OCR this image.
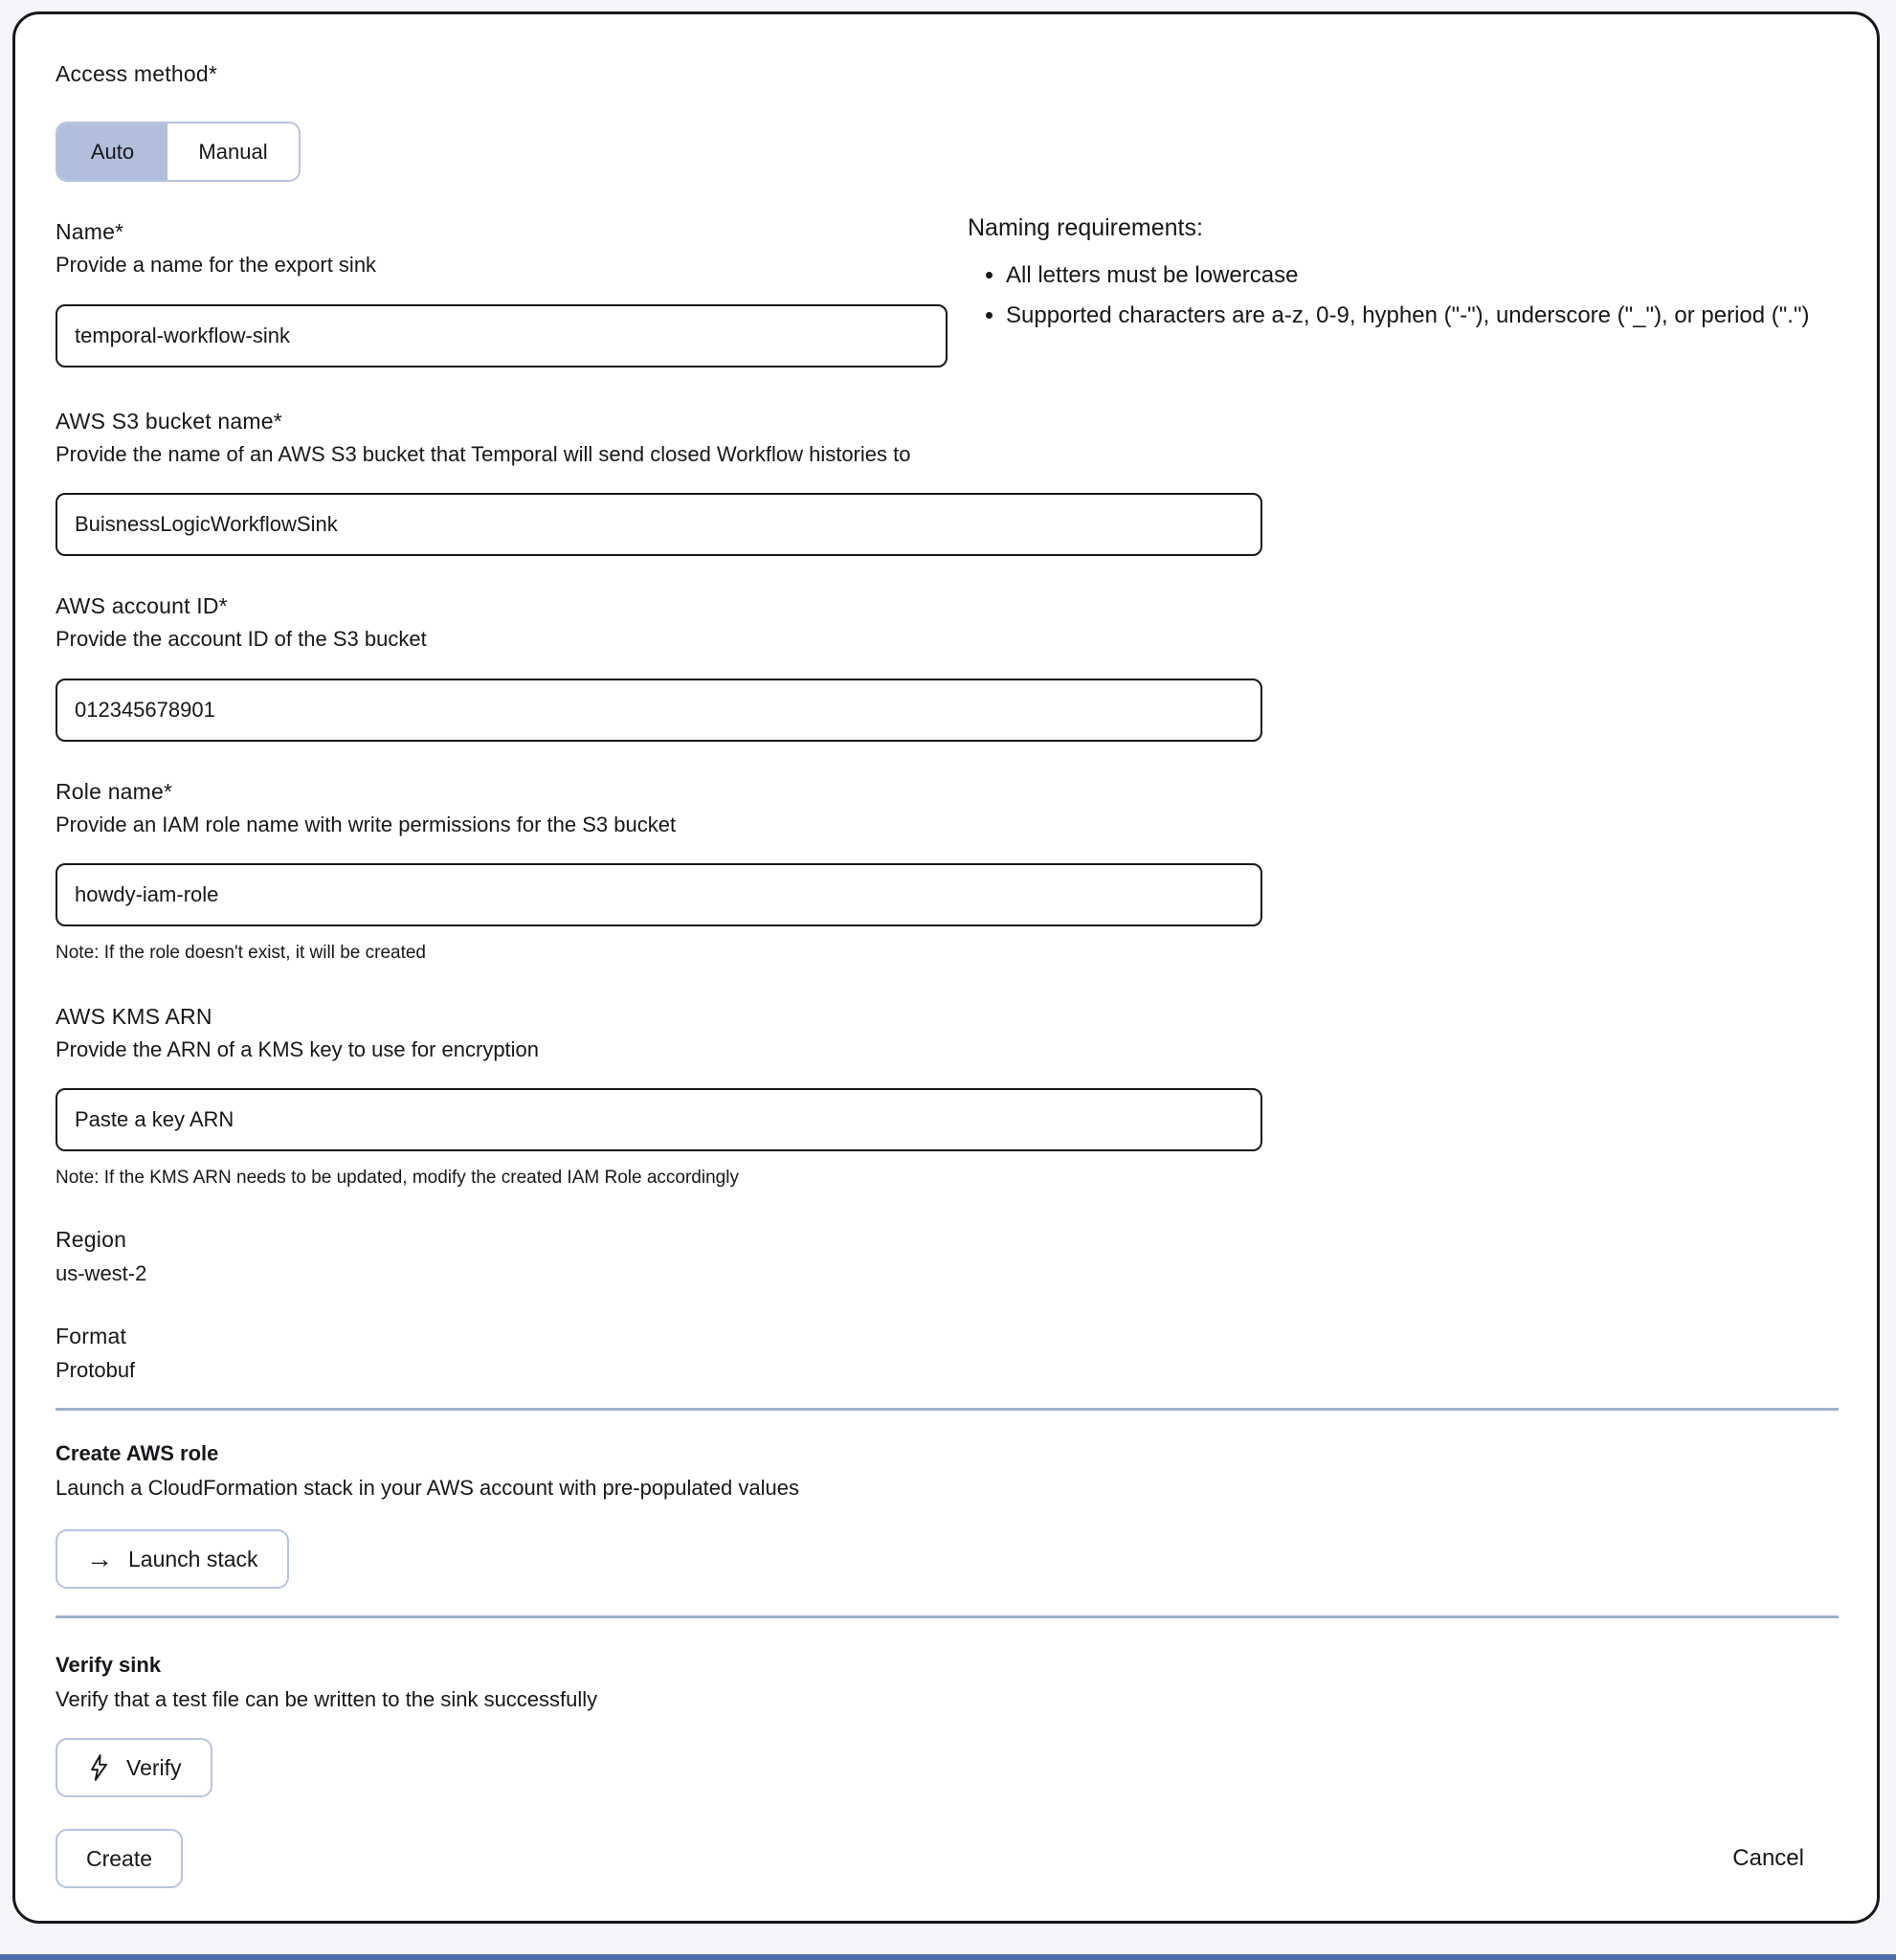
Access method*
Auto	Manual
Name*
Provide a name for the export sink
temporal-workflow-sink
Naming requirements:
• All letters must be lowercase
• Supported characters are a-z, 0-9, hyphen ("-"), underscore ("_"), or period (".")
AWS S3 bucket name*
Provide the name of an AWS S3 bucket that Temporal will send closed Workflow histories to
BuisnessLogicWorkflowSink
AWS account ID*
Provide the account ID of the S3 bucket
012345678901
Role name*
Provide an IAM role name with write permissions for the S3 bucket
howdy-iam-role
Note: If the role doesn't exist, it will be created
AWS KMS ARN
Provide the ARN of a KMS key to use for encryption
Paste a key ARN
Note: If the KMS ARN needs to be updated, modify the created IAM Role accordingly
Region
us-west-2
Format
Protobuf
Create AWS role
Launch a CloudFormation stack in your AWS account with pre-populated values
→ Launch stack
Verify sink
Verify that a test file can be written to the sink successfully
Verify
Create	Cancel
